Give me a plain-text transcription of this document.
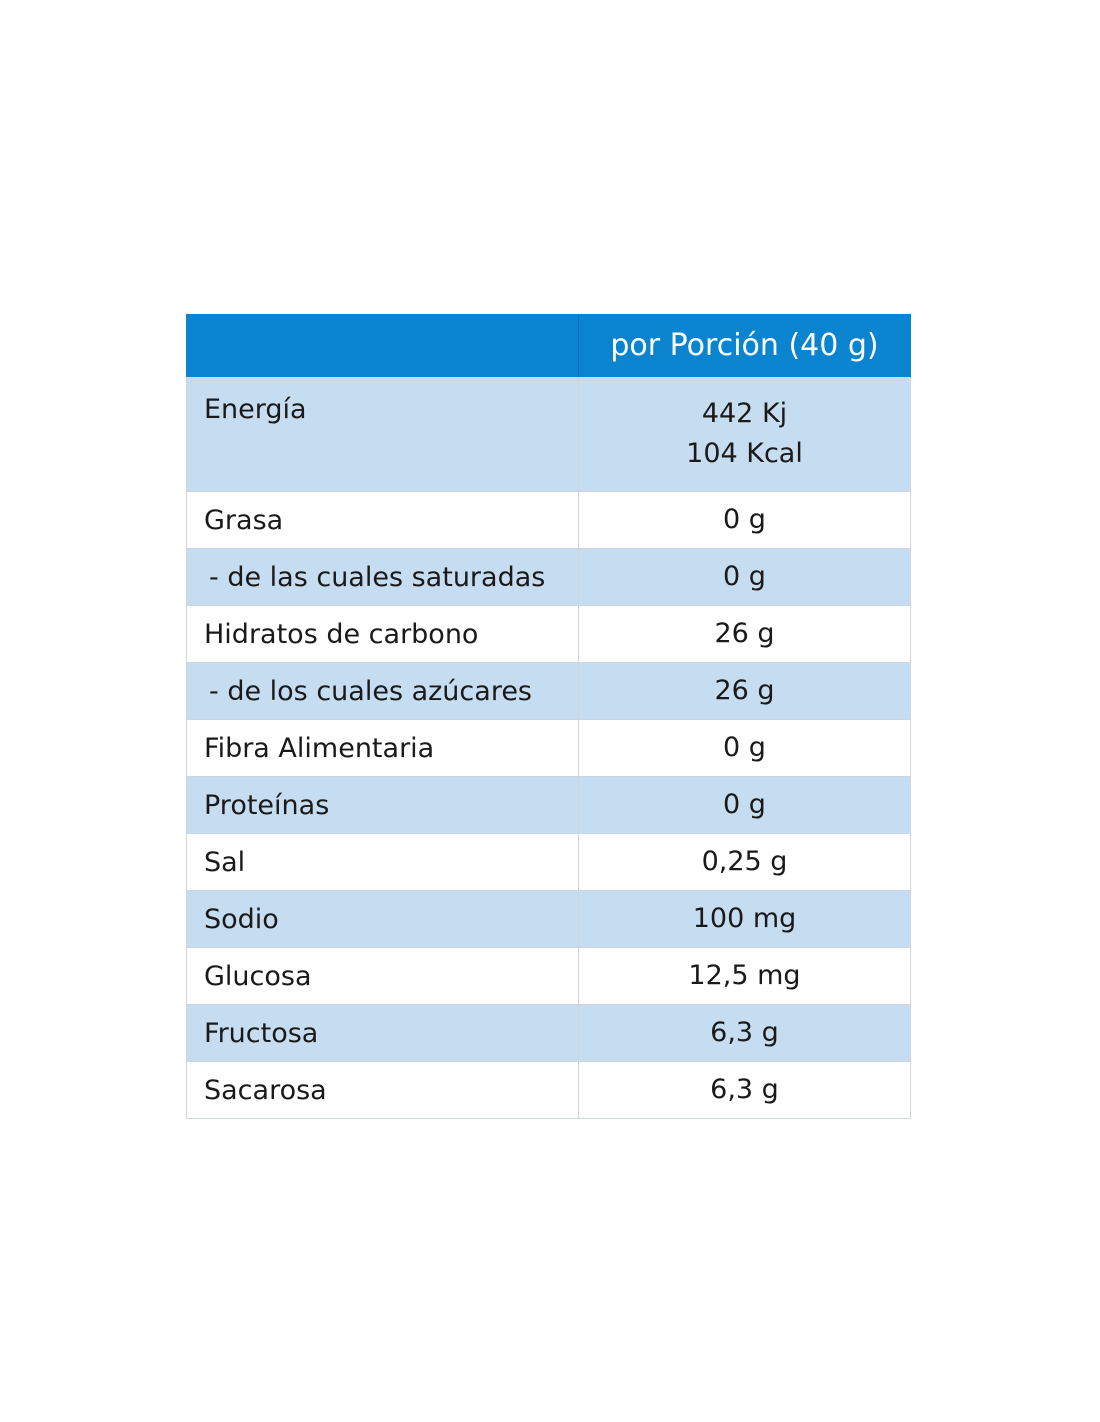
	por Porción (40 g)
Energía	442 Kj
104 Kcal

Grasa	0 g
- de las cuales saturadas	0 g
Hidratos de carbono	26 g
- de los cuales azúcares	26 g
Fibra Alimentaria	0 g
Proteínas	0 g
Sal	0,25 g
Sodio	100 mg
Glucosa	12,5 mg
Fructosa	6,3 g
Sacarosa	6,3 g
